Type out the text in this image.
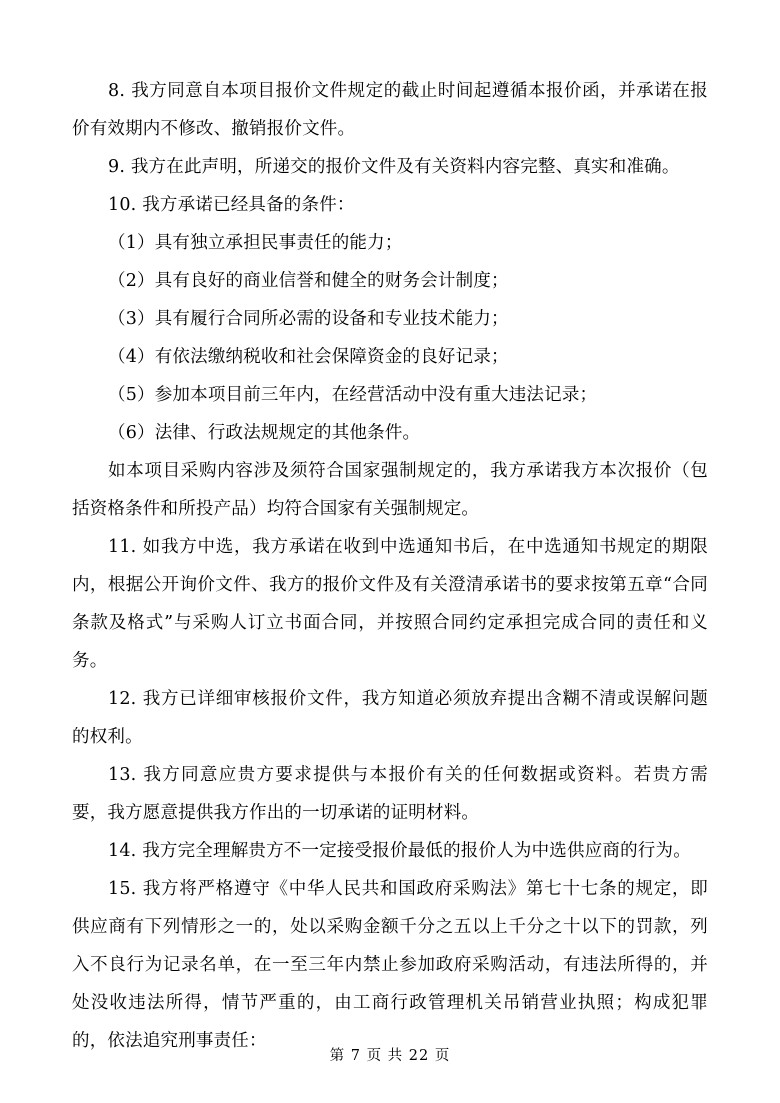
8. 我方同意自本项目报价文件规定的截止时间起遵循本报价函，并承诺在报价有效期内不修改、撤销报价文件。

9. 我方在此声明，所递交的报价文件及有关资料内容完整、真实和准确。

10. 我方承诺已经具备的条件：

（1）具有独立承担民事责任的能力；

（2）具有良好的商业信誉和健全的财务会计制度；

（3）具有履行合同所必需的设备和专业技术能力；

（4）有依法缴纳税收和社会保障资金的良好记录；

（5）参加本项目前三年内，在经营活动中没有重大违法记录；

（6）法律、行政法规规定的其他条件。

如本项目采购内容涉及须符合国家强制规定的，我方承诺我方本次报价（包括资格条件和所投产品）均符合国家有关强制规定。

11. 如我方中选，我方承诺在收到中选通知书后，在中选通知书规定的期限内，根据公开询价文件、我方的报价文件及有关澄清承诺书的要求按第五章“合同条款及格式”与采购人订立书面合同，并按照合同约定承担完成合同的责任和义务。

12. 我方已详细审核报价文件，我方知道必须放弃提出含糊不清或误解问题的权利。

13. 我方同意应贵方要求提供与本报价有关的任何数据或资料。若贵方需要，我方愿意提供我方作出的一切承诺的证明材料。

14. 我方完全理解贵方不一定接受报价最低的报价人为中选供应商的行为。

15. 我方将严格遵守《中华人民共和国政府采购法》第七十七条的规定，即供应商有下列情形之一的，处以采购金额千分之五以上千分之十以下的罚款，列入不良行为记录名单，在一至三年内禁止参加政府采购活动，有违法所得的，并处没收违法所得，情节严重的，由工商行政管理机关吊销营业执照；构成犯罪的，依法追究刑事责任：

第 7 页 共 22 页
